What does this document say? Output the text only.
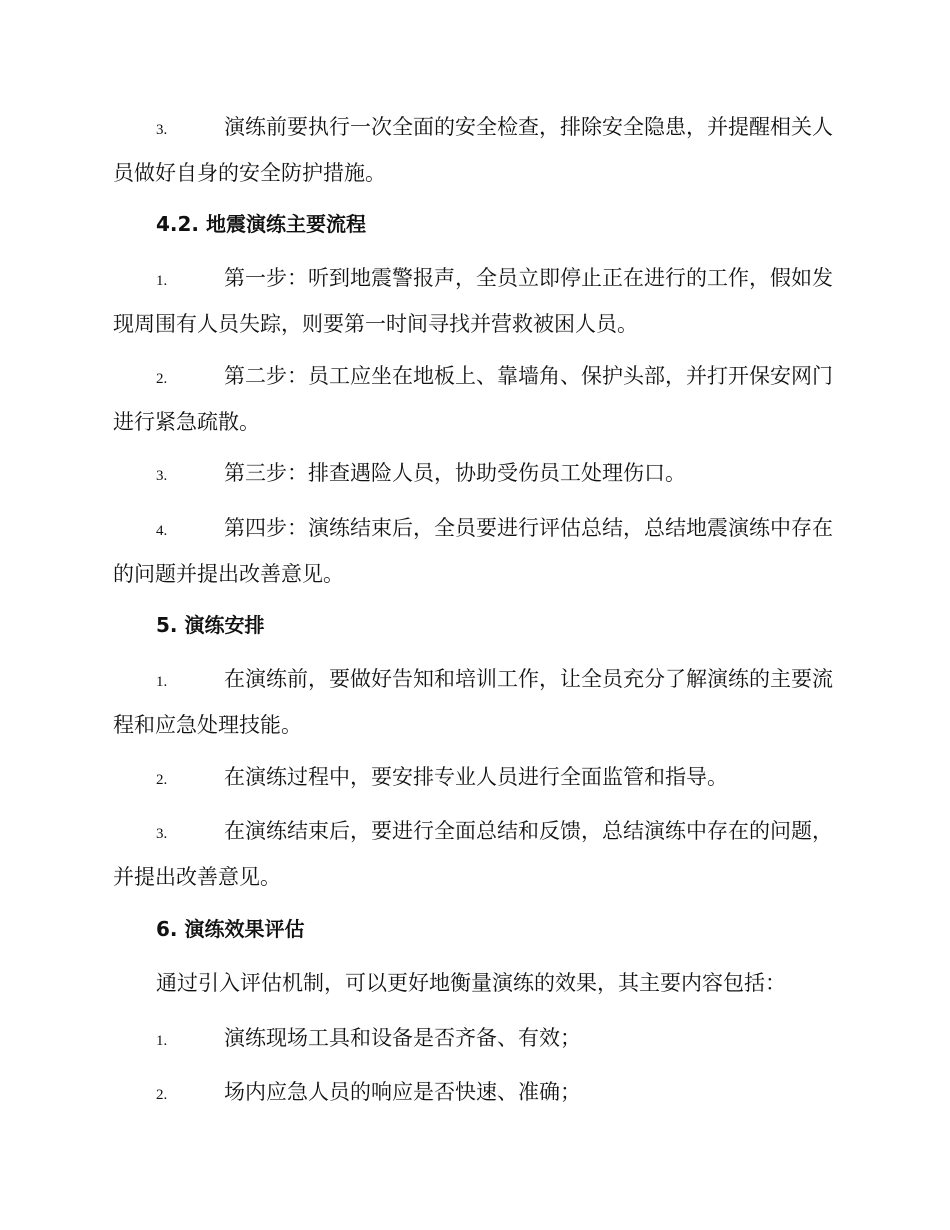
3.	演练前要执行一次全面的安全检查，排除安全隐患，并提醒相关人员做好自身的安全防护措施。

4.2. 地震演练主要流程

1.	第一步：听到地震警报声，全员立即停止正在进行的工作，假如发现周围有人员失踪，则要第一时间寻找并营救被困人员。

2.	第二步：员工应坐在地板上、靠墙角、保护头部，并打开保安网门进行紧急疏散。

3.	第三步：排查遇险人员，协助受伤员工处理伤口。

4.	第四步：演练结束后，全员要进行评估总结，总结地震演练中存在的问题并提出改善意见。

5. 演练安排

1.	在演练前，要做好告知和培训工作，让全员充分了解演练的主要流程和应急处理技能。

2.	在演练过程中，要安排专业人员进行全面监管和指导。

3.	在演练结束后，要进行全面总结和反馈，总结演练中存在的问题，并提出改善意见。

6. 演练效果评估

通过引入评估机制，可以更好地衡量演练的效果，其主要内容包括：

1.	演练现场工具和设备是否齐备、有效；

2.	场内应急人员的响应是否快速、准确；
